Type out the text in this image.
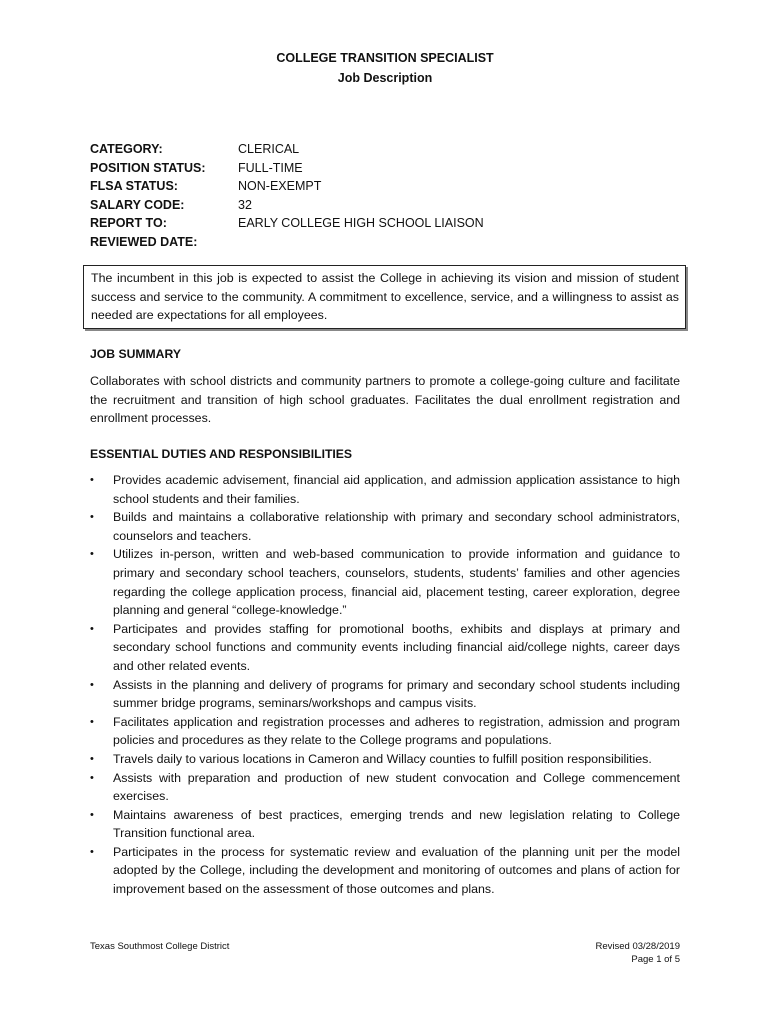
COLLEGE TRANSITION SPECIALIST
Job Description
CATEGORY:	CLERICAL
POSITION STATUS:	FULL-TIME
FLSA STATUS:	NON-EXEMPT
SALARY CODE:	32
REPORT TO:	EARLY COLLEGE HIGH SCHOOL LIAISON
REVIEWED DATE:
The incumbent in this job is expected to assist the College in achieving its vision and mission of student success and service to the community. A commitment to excellence, service, and a willingness to assist as needed are expectations for all employees.
JOB SUMMARY
Collaborates with school districts and community partners to promote a college-going culture and facilitate the recruitment and transition of high school graduates. Facilitates the dual enrollment registration and enrollment processes.
ESSENTIAL DUTIES AND RESPONSIBILITIES
•	Provides academic advisement, financial aid application, and admission application assistance to high school students and their families.
•	Builds and maintains a collaborative relationship with primary and secondary school administrators, counselors and teachers.
•	Utilizes in-person, written and web-based communication to provide information and guidance to primary and secondary school teachers, counselors, students, students’ families and other agencies regarding the college application process, financial aid, placement testing, career exploration, degree planning and general “college-knowledge.”
•	Participates and provides staffing for promotional booths, exhibits and displays at primary and secondary school functions and community events including financial aid/college nights, career days and other related events.
•	Assists in the planning and delivery of programs for primary and secondary school students including summer bridge programs, seminars/workshops and campus visits.
•	Facilitates application and registration processes and adheres to registration, admission and program policies and procedures as they relate to the College programs and populations.
•	Travels daily to various locations in Cameron and Willacy counties to fulfill position responsibilities.
•	Assists with preparation and production of new student convocation and College commencement exercises.
•	Maintains awareness of best practices, emerging trends and new legislation relating to College Transition functional area.
•	Participates in the process for systematic review and evaluation of the planning unit per the model adopted by the College, including the development and monitoring of outcomes and plans of action for improvement based on the assessment of those outcomes and plans.
Texas Southmost College District	Revised 03/28/2019
Page 1 of 5
